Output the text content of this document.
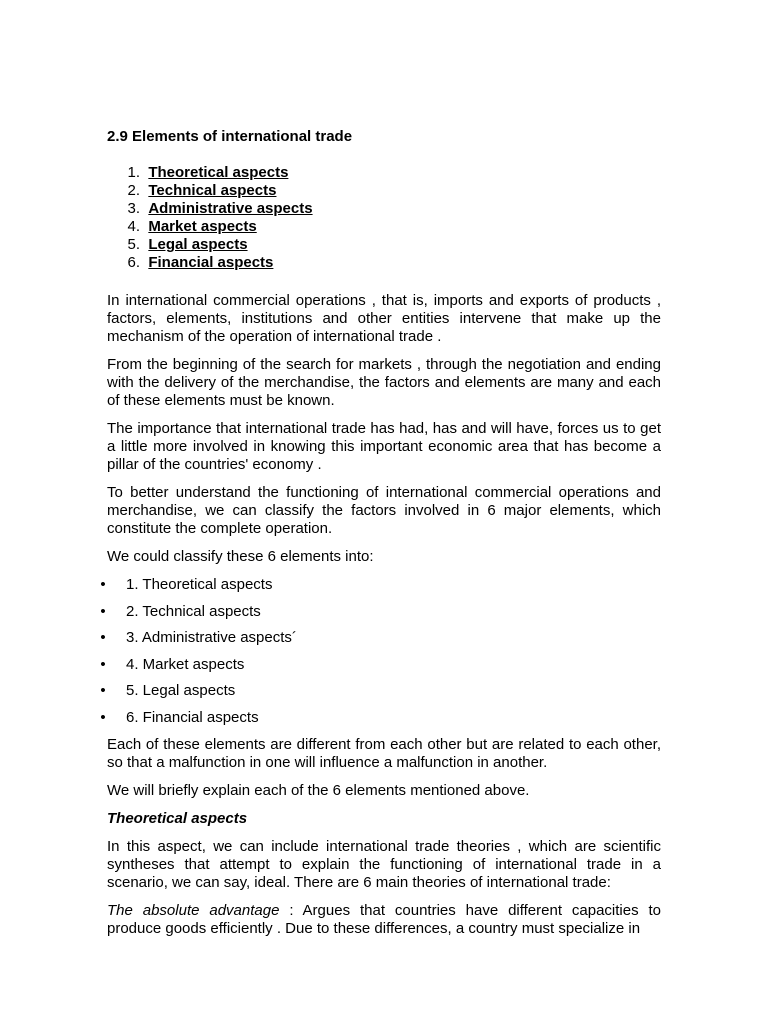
2.9 Elements of international trade
1.
Theoretical aspects
2.
Technical aspects
3.
Administrative aspects
4.
Market aspects
5.
Legal aspects
6.
Financial aspects

In international commercial operations , that is, imports and exports of products , factors, elements, institutions and other entities intervene that make up the mechanism of the operation of international trade .

From the beginning of the search for markets , through the negotiation and ending with the delivery of the merchandise, the factors and elements are many and each of these elements must be known.

The importance that international trade has had, has and will have, forces us to get a little more involved in knowing this important economic area that has become a pillar of the countries' economy .

To better understand the functioning of international commercial operations and merchandise, we can classify the factors involved in 6 major elements, which constitute the complete operation.

We could classify these 6 elements into:

• 1. Theoretical aspects
• 2. Technical aspects
• 3. Administrative aspects´
• 4. Market aspects
• 5. Legal aspects
• 6. Financial aspects

Each of these elements are different from each other but are related to each other, so that a malfunction in one will influence a malfunction in another.

We will briefly explain each of the 6 elements mentioned above.

Theoretical aspects

In this aspect, we can include international trade theories , which are scientific syntheses that attempt to explain the functioning of international trade in a scenario, we can say, ideal. There are 6 main theories of international trade:

The absolute advantage : Argues that countries have different capacities to produce goods efficiently . Due to these differences, a country must specialize in
